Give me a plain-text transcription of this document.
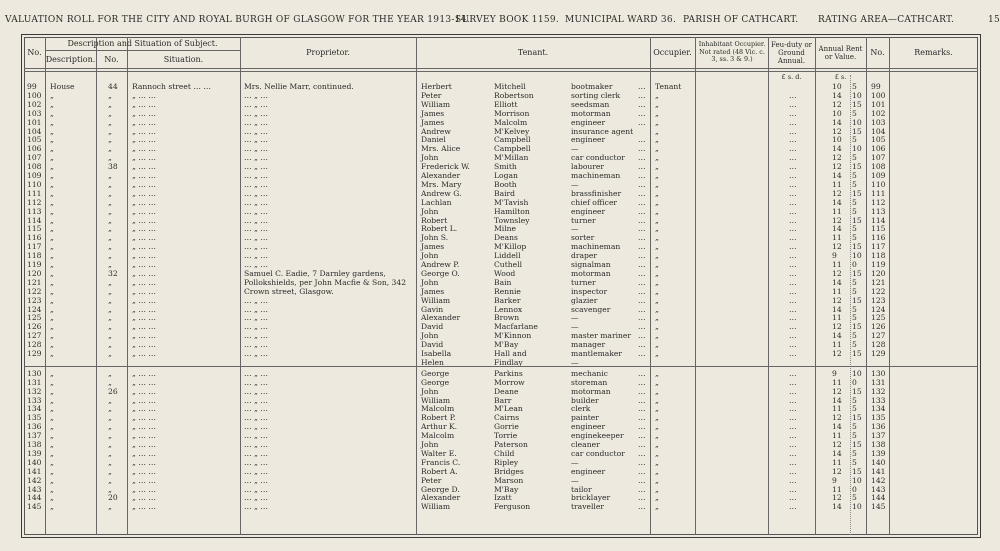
VALUATION ROLL FOR THE CITY AND ROYAL BURGH OF GLASGOW FOR THE YEAR 1913-14.
SURVEY BOOK 1159. MUNICIPAL WARD 36. PARISH OF CATHCART. RATING AREA—CATHCART.	15
No.
Description and Situation of Subject.
Description.	No.	Situation.
Proprietor.	Tenant.	Occupier.
Inhabitant Occupier. Not rated (48 Vic. c. 3, ss. 3 & 9.)
Feu-duty or Ground Annual.
Annual Rent or Value.	No.	Remarks.
£ s. d.	£ s.
99 House	44 Rannoch street … …	Mrs. Nellie Marr, continued.	Herbert	Mitchell	bootmaker	… Tenant	10 5 99
100 „	„	„ … …	… „ …	Peter	Robertson	sorting clerk … „	…	14 10 100
102 „	„	„ … …	… „ …	William	Elliott	seedsman	… „	…	12 15 101
103 „	„	„ … …	… „ …	James	Morrison	motorman	… „	…	10 5 102
101 „	„	„ … …	… „ …	James	Malcolm	engineer	… „	…	14 10 103
104 „	„	„ … …	… „ …	Andrew	M'Kelvey	insurance agent	„	…	12 15 104
105 „	„	„ … …	… „ …	Daniel	Campbell	engineer	… „	…	10 5 105
106 „	„	„ … …	… „ …	Mrs. Alice	Campbell	—	… „	…	14 10 106
107 „	„	„ … …	… „ …	John	M'Millan	car conductor … „	…	12 5 107
108 „	38 „ … …	… „ …	Frederick W.	Smith	labourer	… „	…	12 15 108
109 „	„	„ … …	… „ …	Alexander	Logan	machineman … „	…	14 5 109
110 „	„	„ … …	… „ …	Mrs. Mary	Booth	—	… „	…	11 5 110
111 „	„	„ … …	… „ …	Andrew G.	Baird	brassfinisher … „	…	12 15 111
112 „	„	„ … …	… „ …	Lachlan	M'Tavish	chief officer	… „	…	14 5 112
113 „	„	„ … …	… „ …	John	Hamilton	engineer	… „	…	11 5 113
114 „	„	„ … …	… „ …	Robert	Townsley	turner	… „	…	12 15 114
115 „	„	„ … …	… „ …	Robert L.	Milne	—	… „	…	14 5 115
116 „	„	„ … …	… „ …	John S.	Deans	sorter	… „	…	11 5 116
117 „	„	„ … …	… „ …	James	M'Killop	machineman … „	…	12 15 117
118 „	„	„ … …	… „ …	John	Liddell	draper	… „	…	9 10 118
119 „	„	„ … …	… „ …	Andrew P.	Cuthell	signalman	… „	…	11 0 119
120 „	32 „ … …	Samuel C. Eadie, 7 Darnley gardens,	George O.	Wood	motorman	… „	…	12 15 120
121 „	„	„ … …	Pollokshields, per John Macfie & Son, 342 John	Bain	turner	… „	…	14 5 121
122 „	„	„ … …	Crown street, Glasgow.	James	Rennie	inspector	… „	…	11 5 122
123 „	„	„ … …	… „ …	William	Barker	glazier	… „	…	12 15 123
124 „	„	„ … …	… „ …	Gavin	Lennox	scavenger	… „	…	14 5 124
125 „	„	„ … …	… „ …	Alexander	Brown	—	… „	…	11 5 125
126 „	„	„ … …	… „ …	David	Macfarlane	—	… „	…	12 15 126
127 „	„	„ … …	… „ …	John	M'Kinnon	master mariner … „	…	14 5 127
128 „	„	„ … …	… „ …	David	M'Bay	manager	… „	…	11 5 128
129 „	„	„ … …	… „ …	Isabella	Hall and	mantlemaker … „	…	12 15 129
Helen	Findlay	—
130 „	„	„ … …	… „ …	George	Parkins	mechanic	… „	…	9 10 130
131 „	„	„ … …	… „ …	George	Morrow	storeman	… „	…	11 0 131
132 „	26 „ … …	… „ …	John	Deane	motorman	… „	…	12 15 132
133 „	„	„ … …	… „ …	William	Barr	builder	… „	…	14 5 133
134 „	„	„ … …	… „ …	Malcolm	M'Lean	clerk	… „	…	11 5 134
135 „	„	„ … …	… „ …	Robert P.	Cairns	painter	… „	…	12 15 135
136 „	„	„ … …	… „ …	Arthur K.	Gorrie	engineer	… „	…	14 5 136
137 „	„	„ … …	… „ …	Malcolm	Torrie	enginekeeper … „	…	11 5 137
138 „	„	„ … …	… „ …	John	Paterson	cleaner	… „	…	12 15 138
139 „	„	„ … …	… „ …	Walter E.	Child	car conductor … „	…	14 5 139
140 „	„	„ … …	… „ …	Francis C.	Ripley	—	… „	…	11 5 140
141 „	„	„ … …	… „ …	Robert A.	Bridges	engineer	… „	…	12 15 141
142 „	„	„ … …	… „ …	Peter	Marson	—	… „	…	9 10 142
143 „	„	„ … …	… „ …	George D.	M'Bay	tailor	… „	…	11 0 143
144 „	20 „ … …	… „ …	Alexander	Izatt	bricklayer	… „	…	12 5 144
145 „	„	„ … …	… „ …	William	Ferguson	traveller	… „	…	14 10 145
